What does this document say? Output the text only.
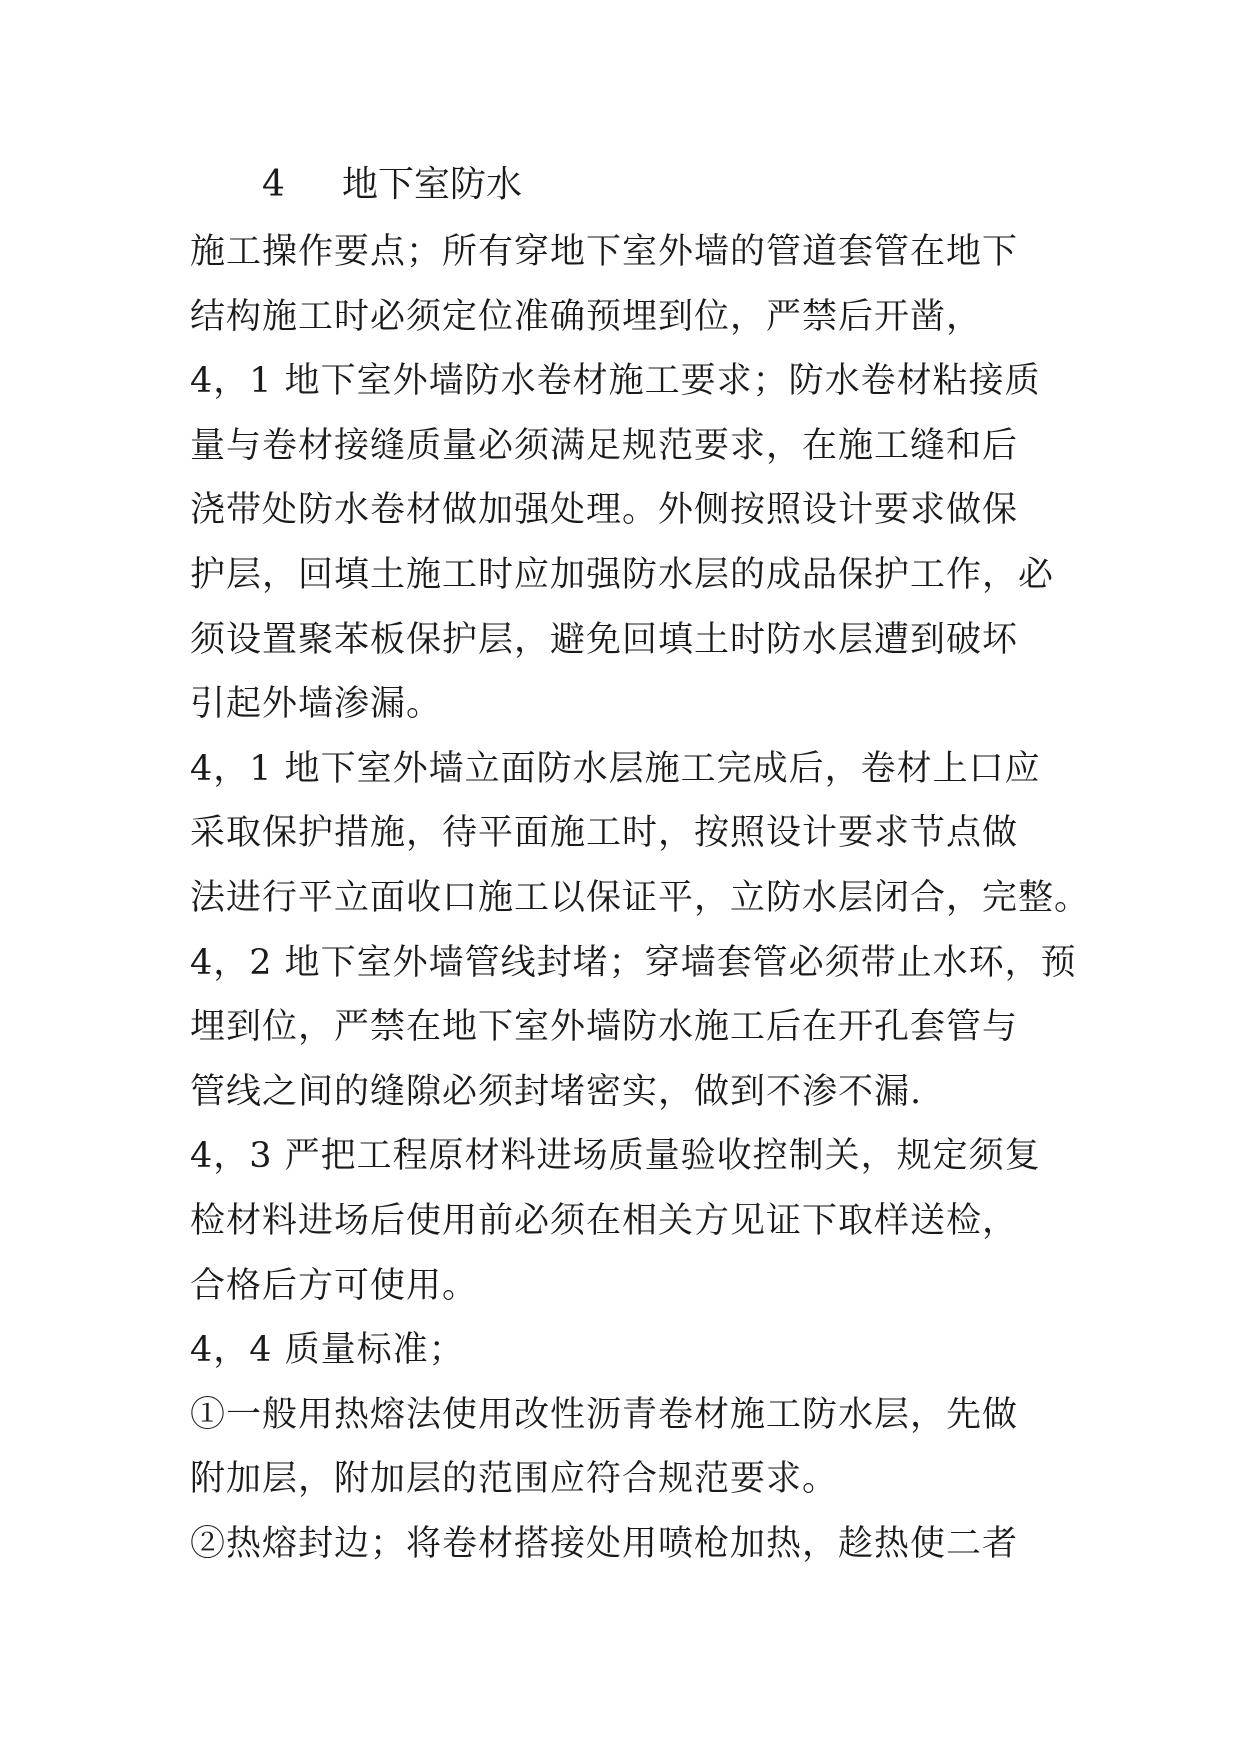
4 地下室防水
施工操作要点；所有穿地下室外墙的管道套管在地下
结构施工时必须定位准确预埋到位，严禁后开凿，
4，1 地下室外墙防水卷材施工要求；防水卷材粘接质
量与卷材接缝质量必须满足规范要求，在施工缝和后
浇带处防水卷材做加强处理。外侧按照设计要求做保
护层，回填土施工时应加强防水层的成品保护工作，必
须设置聚苯板保护层，避免回填土时防水层遭到破坏
引起外墙渗漏。
4，1 地下室外墙立面防水层施工完成后，卷材上口应
采取保护措施，待平面施工时，按照设计要求节点做
法进行平立面收口施工以保证平，立防水层闭合，完整。
4，2 地下室外墙管线封堵；穿墙套管必须带止水环，预
埋到位，严禁在地下室外墙防水施工后在开孔套管与
管线之间的缝隙必须封堵密实，做到不渗不漏.
4，3 严把工程原材料进场质量验收控制关，规定须复
检材料进场后使用前必须在相关方见证下取样送检，
合格后方可使用。
4，4 质量标准；
①一般用热熔法使用改性沥青卷材施工防水层，先做
附加层，附加层的范围应符合规范要求。
②热熔封边；将卷材搭接处用喷枪加热，趁热使二者
